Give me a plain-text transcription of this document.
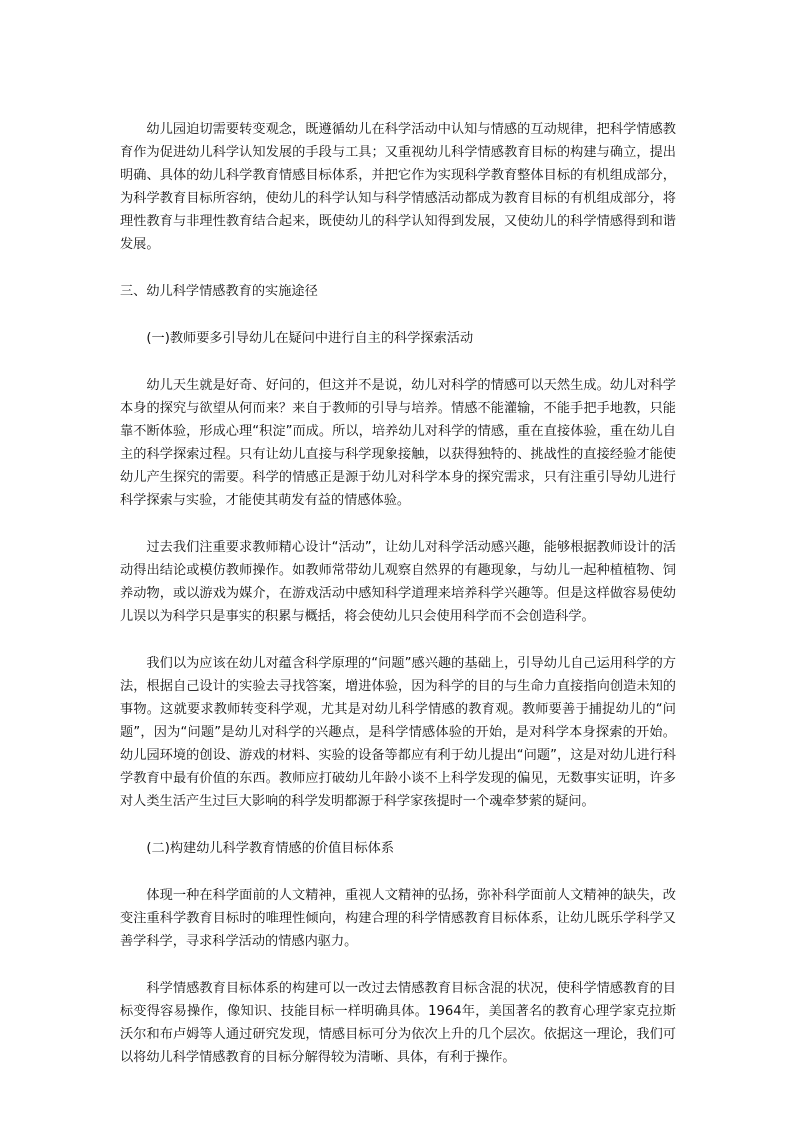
幼儿园迫切需要转变观念，既遵循幼儿在科学活动中认知与情感的互动规律，把科学情感教育作为促进幼儿科学认知发展的手段与工具；又重视幼儿科学情感教育目标的构建与确立，提出明确、具体的幼儿科学教育情感目标体系，并把它作为实现科学教育整体目标的有机组成部分，为科学教育目标所容纳，使幼儿的科学认知与科学情感活动都成为教育目标的有机组成部分，将理性教育与非理性教育结合起来，既使幼儿的科学认知得到发展，又使幼儿的科学情感得到和谐发展。

三、幼儿科学情感教育的实施途径

(一)教师要多引导幼儿在疑问中进行自主的科学探索活动

幼儿天生就是好奇、好问的，但这并不是说，幼儿对科学的情感可以天然生成。幼儿对科学本身的探究与欲望从何而来？来自于教师的引导与培养。情感不能灌输，不能手把手地教，只能靠不断体验，形成心理“积淀”而成。所以，培养幼儿对科学的情感，重在直接体验，重在幼儿自主的科学探索过程。只有让幼儿直接与科学现象接触，以获得独特的、挑战性的直接经验才能使幼儿产生探究的需要。科学的情感正是源于幼儿对科学本身的探究需求，只有注重引导幼儿进行科学探索与实验，才能使其萌发有益的情感体验。

过去我们注重要求教师精心设计“活动”，让幼儿对科学活动感兴趣，能够根据教师设计的活动得出结论或模仿教师操作。如教师常带幼儿观察自然界的有趣现象，与幼儿一起种植植物、饲养动物，或以游戏为媒介，在游戏活动中感知科学道理来培养科学兴趣等。但是这样做容易使幼儿误以为科学只是事实的积累与概括，将会使幼儿只会使用科学而不会创造科学。

我们以为应该在幼儿对蕴含科学原理的“问题”感兴趣的基础上，引导幼儿自己运用科学的方法，根据自己设计的实验去寻找答案，增进体验，因为科学的目的与生命力直接指向创造未知的事物。这就要求教师转变科学观，尤其是对幼儿科学情感的教育观。教师要善于捕捉幼儿的“问题”，因为“问题”是幼儿对科学的兴趣点，是科学情感体验的开始，是对科学本身探索的开始。幼儿园环境的创设、游戏的材料、实验的设备等都应有利于幼儿提出“问题”，这是对幼儿进行科学教育中最有价值的东西。教师应打破幼儿年龄小谈不上科学发现的偏见，无数事实证明，许多对人类生活产生过巨大影响的科学发明都源于科学家孩提时一个魂牵梦萦的疑问。

(二)构建幼儿科学教育情感的价值目标体系

体现一种在科学面前的人文精神，重视人文精神的弘扬，弥补科学面前人文精神的缺失，改变注重科学教育目标时的唯理性倾向，构建合理的科学情感教育目标体系，让幼儿既乐学科学又善学科学，寻求科学活动的情感内驱力。

科学情感教育目标体系的构建可以一改过去情感教育目标含混的状况，使科学情感教育的目标变得容易操作，像知识、技能目标一样明确具体。1964年，美国著名的教育心理学家克拉斯沃尔和布卢姆等人通过研究发现，情感目标可分为依次上升的几个层次。依据这一理论，我们可以将幼儿科学情感教育的目标分解得较为清晰、具体，有利于操作。
